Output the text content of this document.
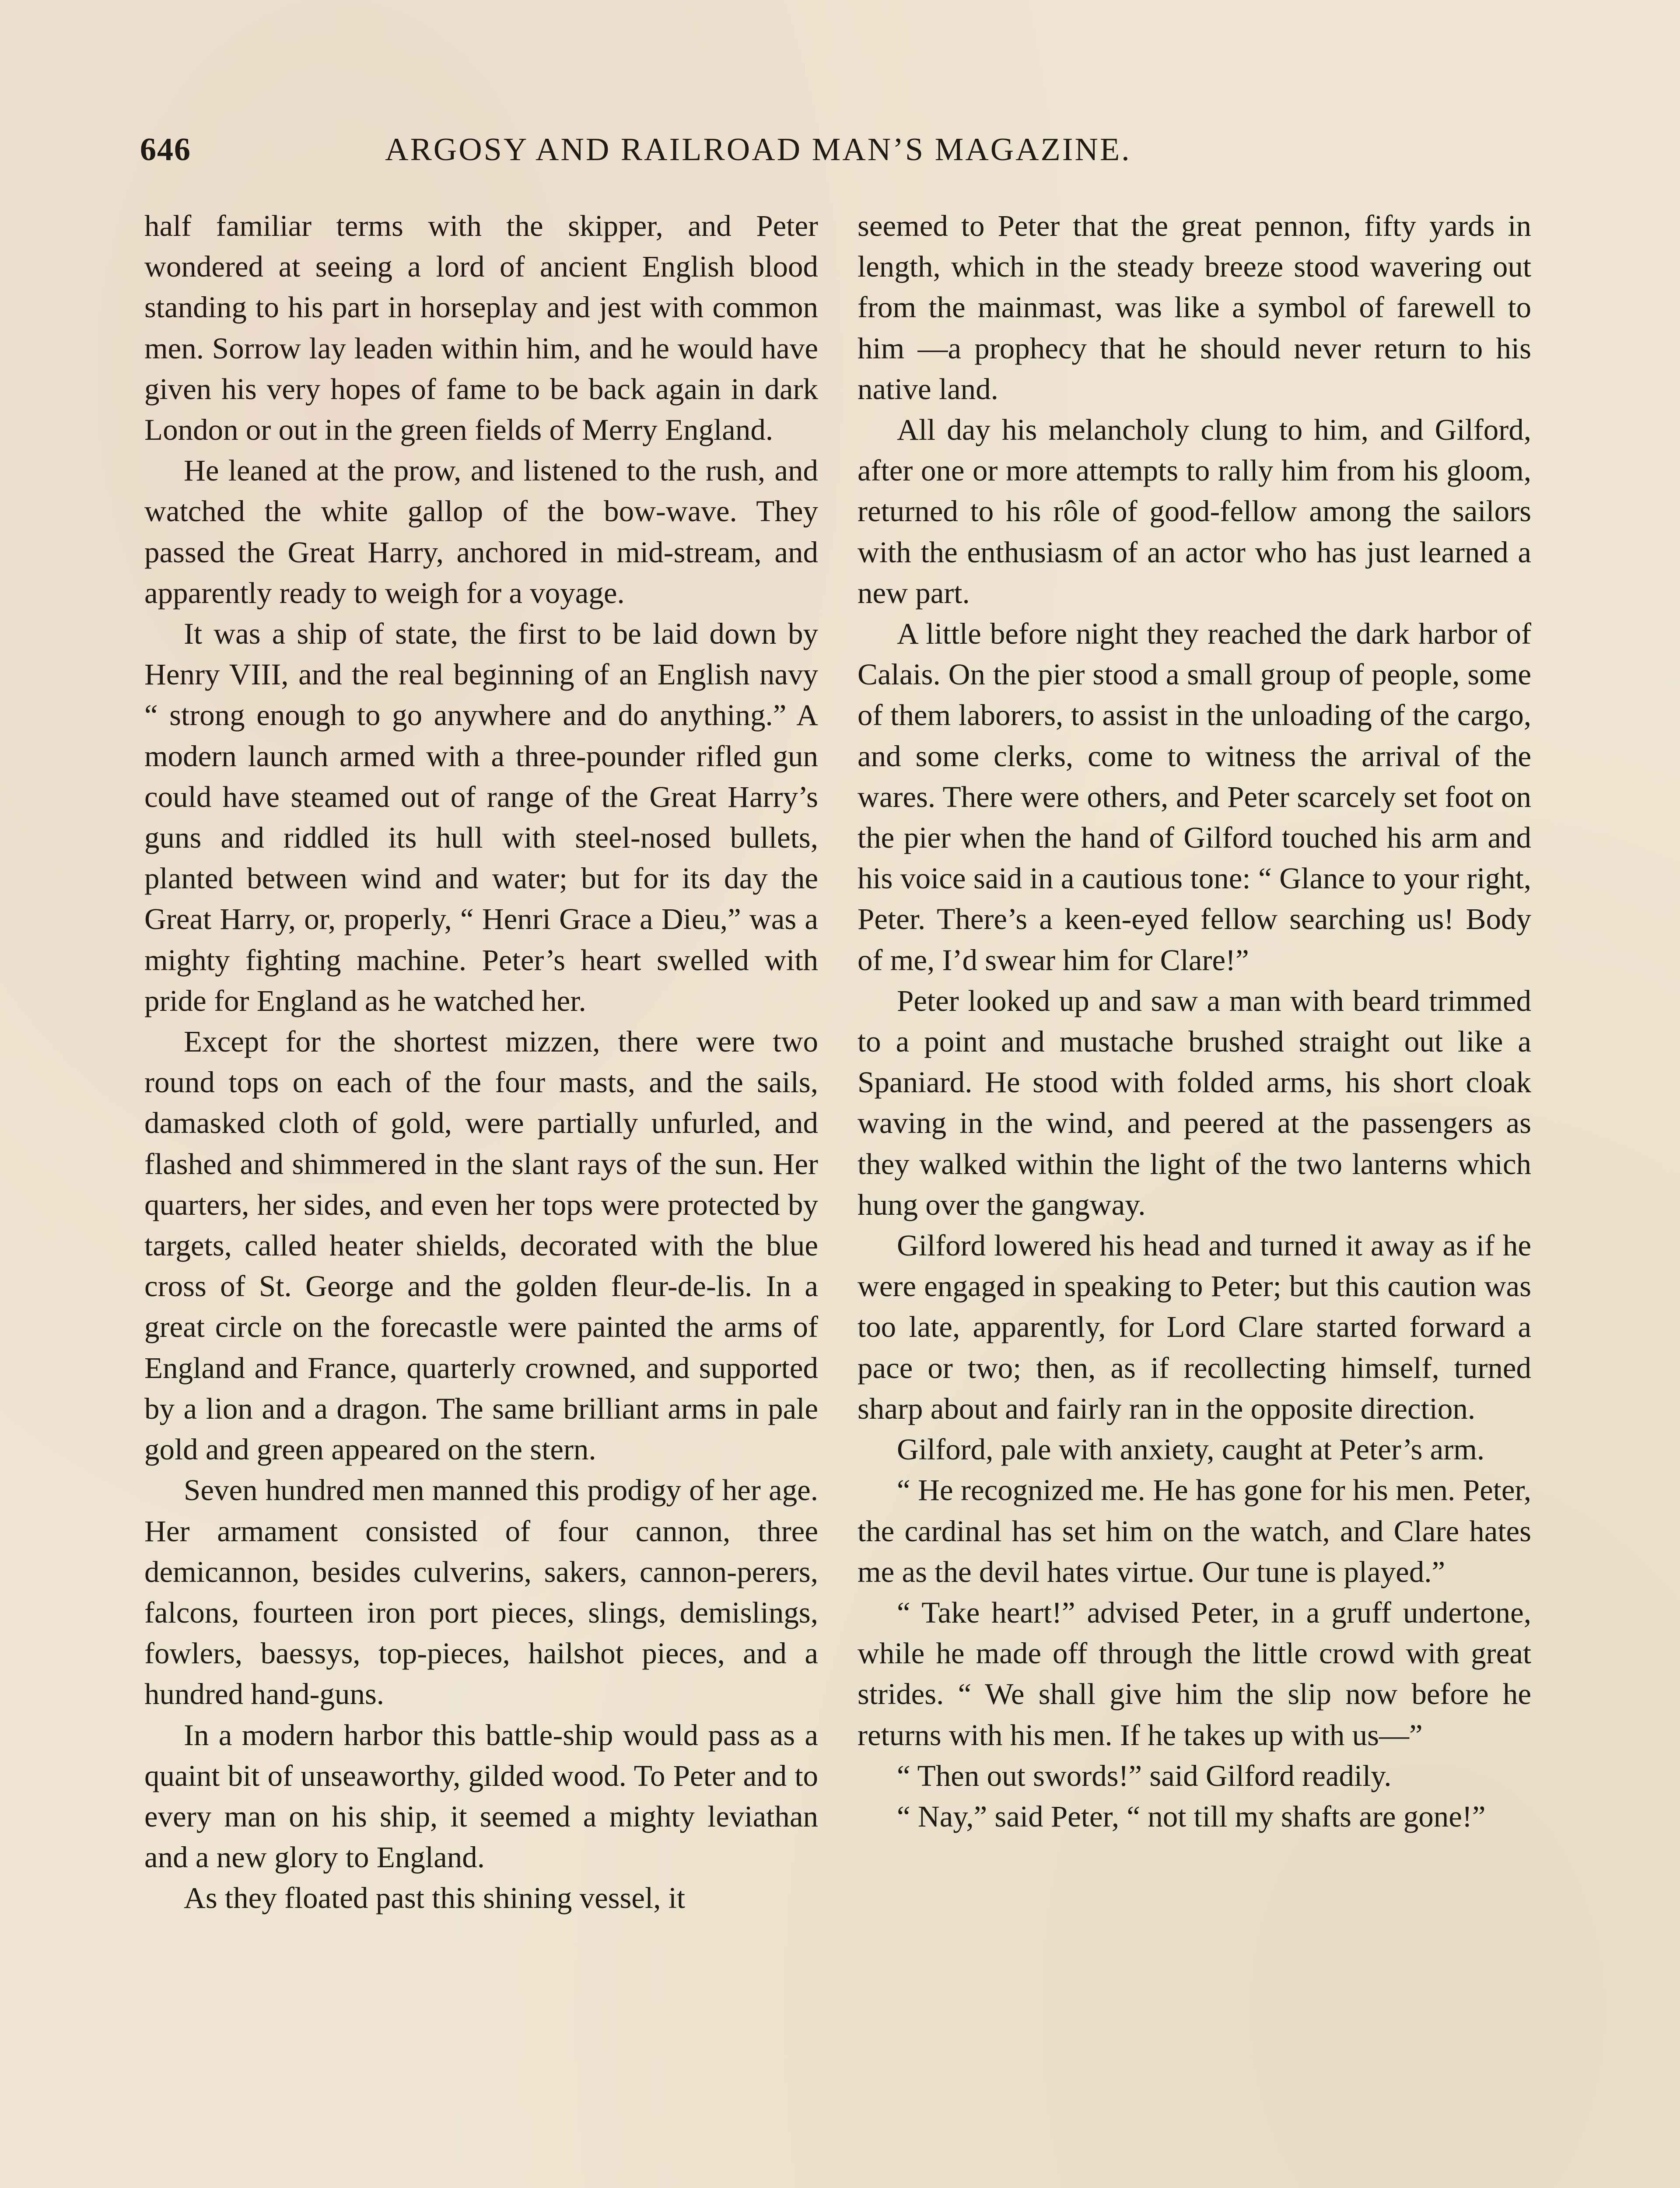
646	ARGOSY AND RAILROAD MAN’S MAGAZINE.

half familiar terms with the skipper, and Peter wondered at seeing a lord of ancient English blood standing to his part in horseplay and jest with common men. Sorrow lay leaden within him, and he would have given his very hopes of fame to be back again in dark London or out in the green fields of Merry England.

He leaned at the prow, and listened to the rush, and watched the white gallop of the bow-wave. They passed the Great Harry, anchored in mid-stream, and apparently ready to weigh for a voyage.

It was a ship of state, the first to be laid down by Henry VIII, and the real beginning of an English navy “ strong enough to go anywhere and do anything.” A modern launch armed with a three-pounder rifled gun could have steamed out of range of the Great Harry’s guns and riddled its hull with steel-nosed bullets, planted between wind and water; but for its day the Great Harry, or, properly, “ Henri Grace a Dieu,” was a mighty fighting machine. Peter’s heart swelled with pride for England as he watched her.

Except for the shortest mizzen, there were two round tops on each of the four masts, and the sails, damasked cloth of gold, were partially unfurled, and flashed and shimmered in the slant rays of the sun. Her quarters, her sides, and even her tops were protected by targets, called heater shields, decorated with the blue cross of St. George and the golden fleur-de-lis. In a great circle on the forecastle were painted the arms of England and France, quarterly crowned, and supported by a lion and a dragon. The same brilliant arms in pale gold and green appeared on the stern.

Seven hundred men manned this prodigy of her age. Her armament consisted of four cannon, three demicannon, besides culverins, sakers, cannon-perers, falcons, fourteen iron port pieces, slings, demislings, fowlers, baessys, top-pieces, hailshot pieces, and a hundred hand-guns.

In a modern harbor this battle-ship would pass as a quaint bit of unseaworthy, gilded wood. To Peter and to every man on his ship, it seemed a mighty leviathan and a new glory to England.

As they floated past this shining vessel, it

seemed to Peter that the great pennon, fifty yards in length, which in the steady breeze stood wavering out from the mainmast, was like a symbol of farewell to him —a prophecy that he should never return to his native land.

All day his melancholy clung to him, and Gilford, after one or more attempts to rally him from his gloom, returned to his rôle of good-fellow among the sailors with the enthusiasm of an actor who has just learned a new part.

A little before night they reached the dark harbor of Calais. On the pier stood a small group of people, some of them laborers, to assist in the unloading of the cargo, and some clerks, come to witness the arrival of the wares. There were others, and Peter scarcely set foot on the pier when the hand of Gilford touched his arm and his voice said in a cautious tone: “ Glance to your right, Peter. There’s a keen-eyed fellow searching us! Body of me, I’d swear him for Clare!”

Peter looked up and saw a man with beard trimmed to a point and mustache brushed straight out like a Spaniard. He stood with folded arms, his short cloak waving in the wind, and peered at the passengers as they walked within the light of the two lanterns which hung over the gangway.

Gilford lowered his head and turned it away as if he were engaged in speaking to Peter; but this caution was too late, apparently, for Lord Clare started forward a pace or two; then, as if recollecting himself, turned sharp about and fairly ran in the opposite direction.

Gilford, pale with anxiety, caught at Peter’s arm.

“ He recognized me. He has gone for his men. Peter, the cardinal has set him on the watch, and Clare hates me as the devil hates virtue. Our tune is played.”

“ Take heart!” advised Peter, in a gruff undertone, while he made off through the little crowd with great strides. “ We shall give him the slip now before he returns with his men. If he takes up with us—”

“ Then out swords!” said Gilford readily.

“ Nay,” said Peter, “ not till my shafts are gone!”
